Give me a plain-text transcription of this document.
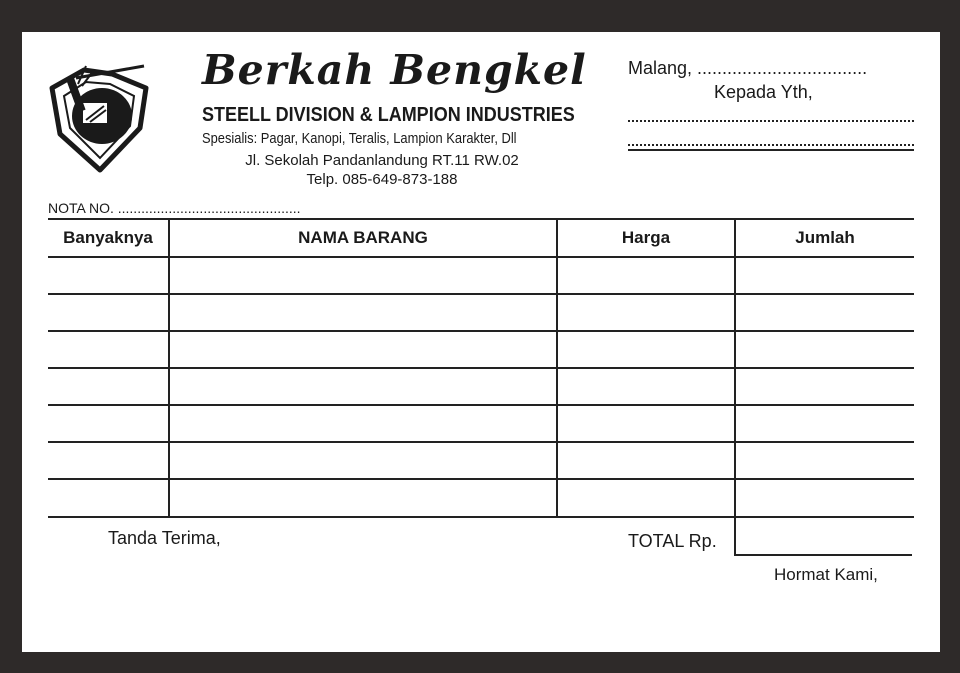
Berkah Bengkel
STEELL DIVISION & LAMPION INDUSTRIES
Spesialis: Pagar, Kanopi, Teralis, Lampion Karakter, Dll
Jl. Sekolah Pandanlandung RT.11 RW.02
Telp. 085-649-873-188
Malang, ..................................
Kepada Yth,
NOTA NO. ...............................................
Banyaknya	NAMA BARANG	Harga	Jumlah
Tanda Terima,	TOTAL Rp.
Hormat Kami,
